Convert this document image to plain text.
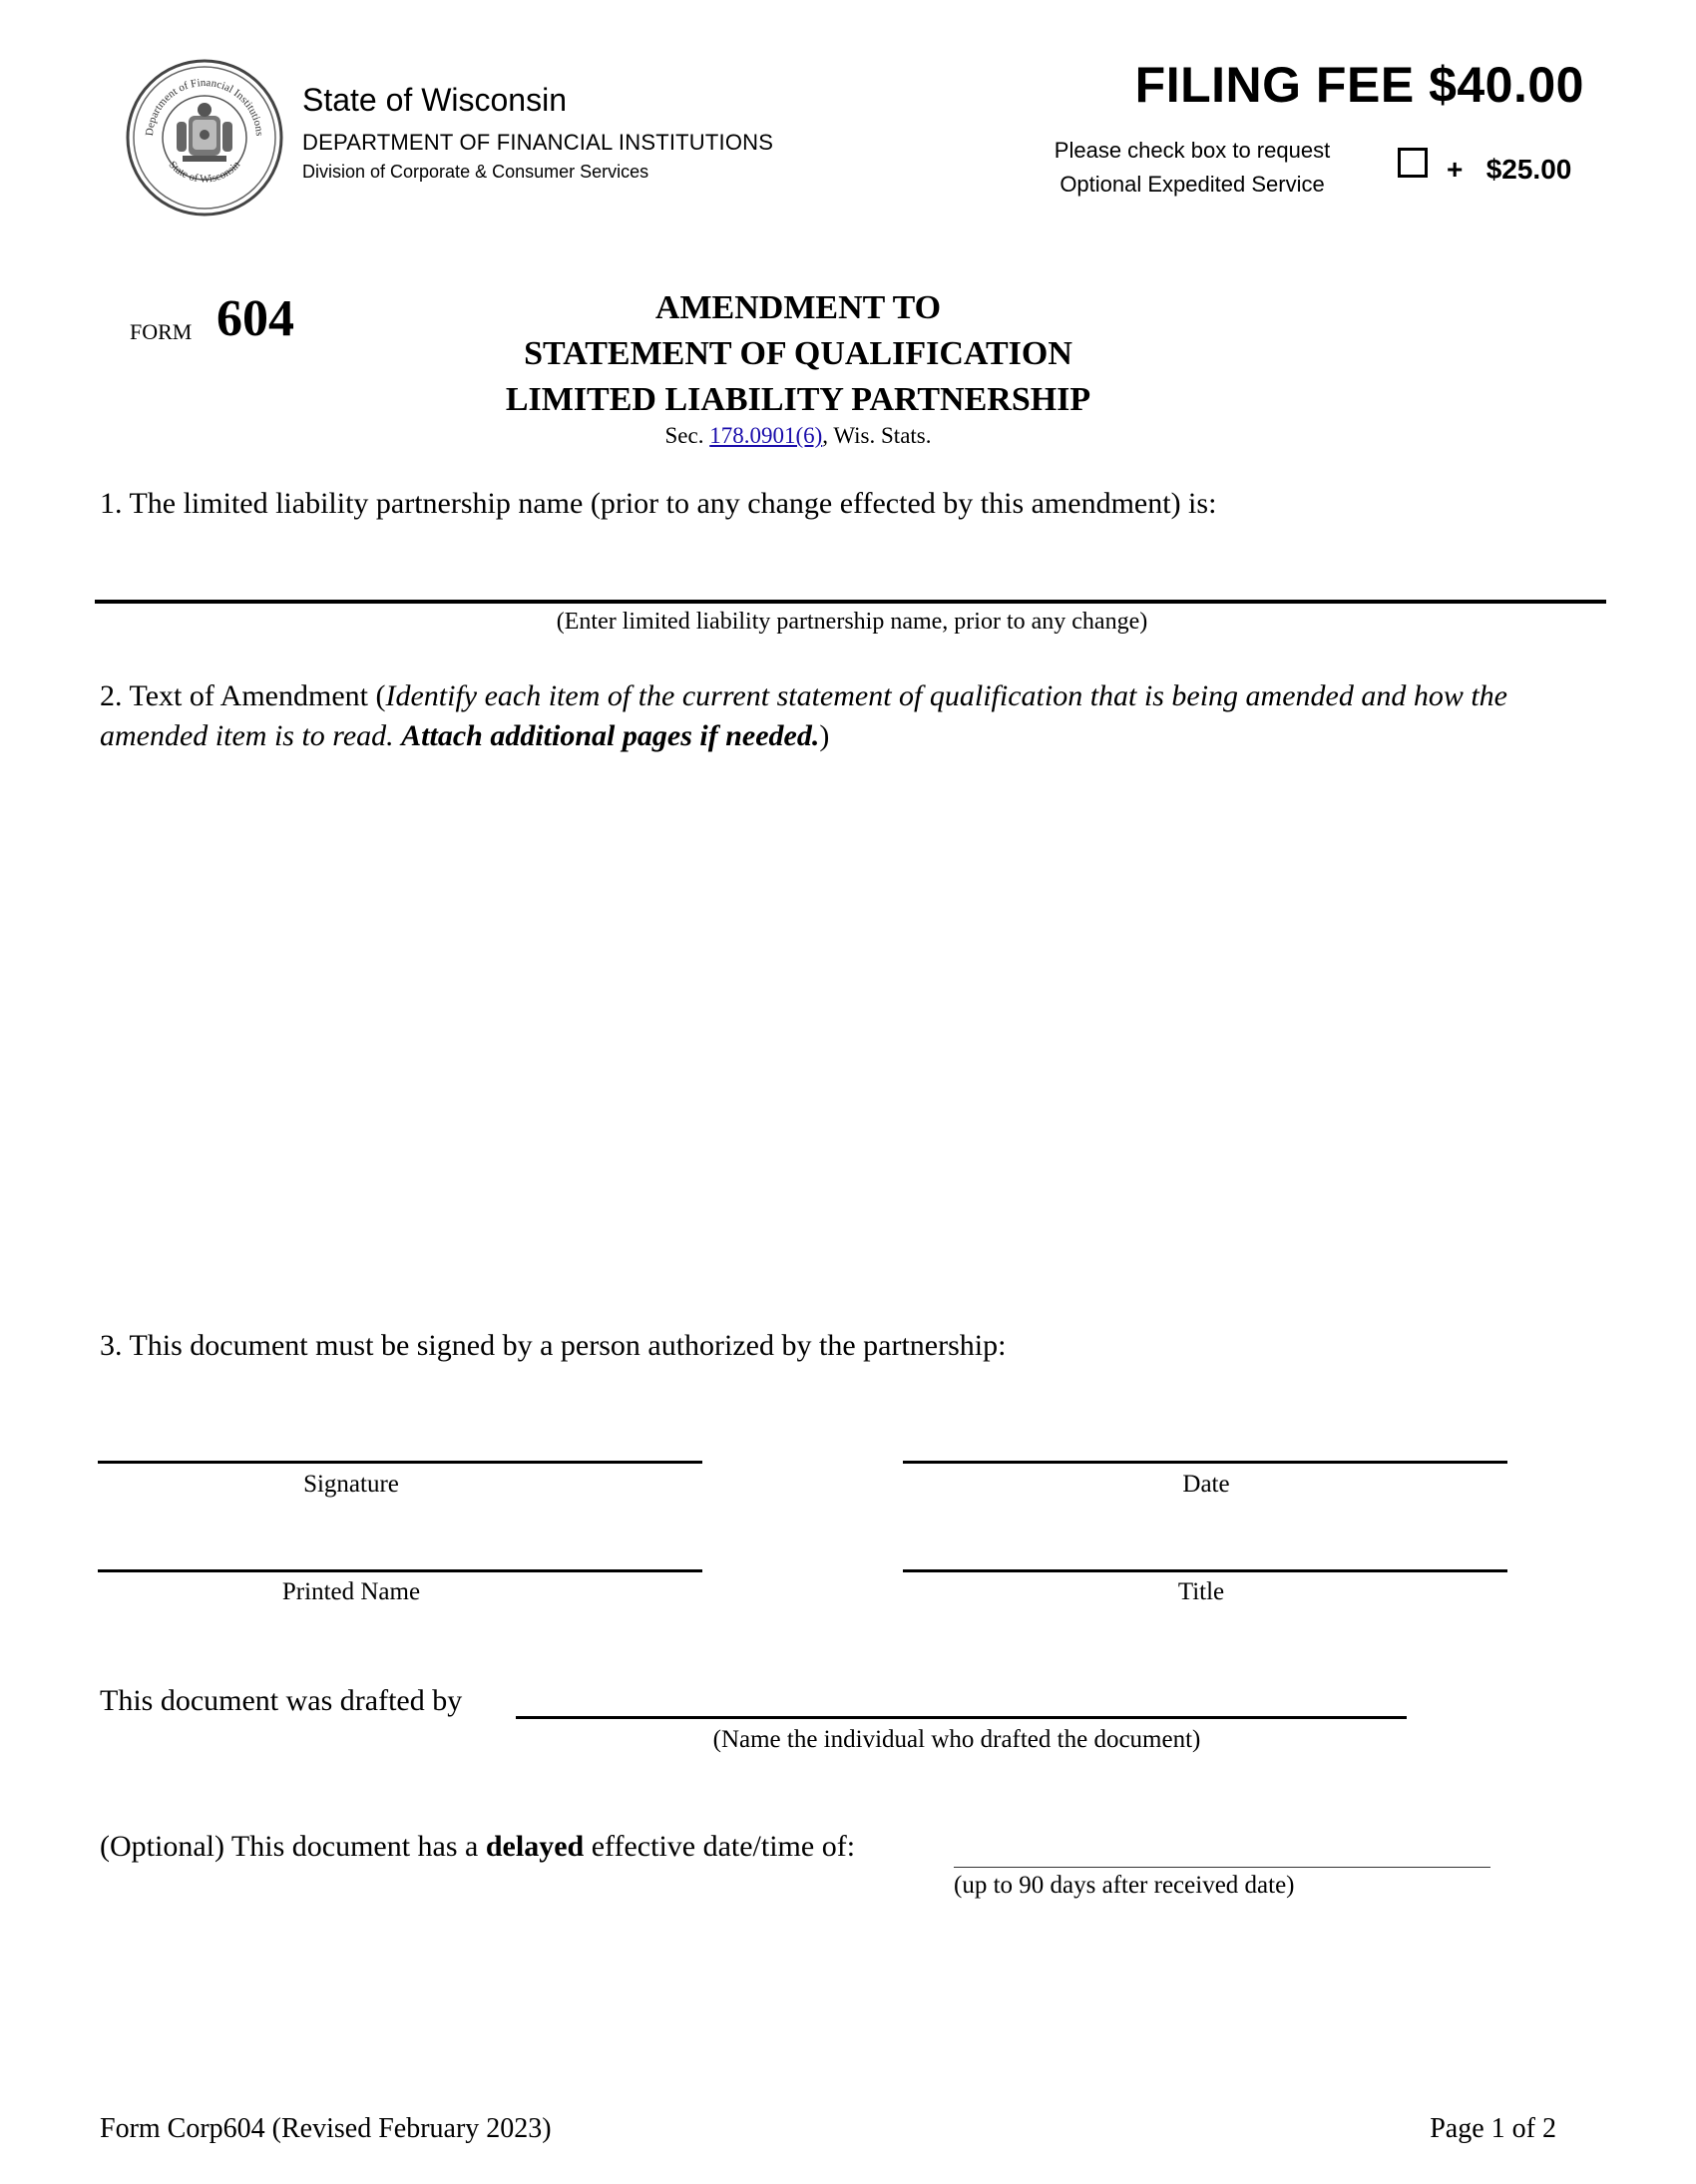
Department of Financial Institutions
State of Wisconsin
State of Wisconsin
DEPARTMENT OF FINANCIAL INSTITUTIONS
Division of Corporate & Consumer Services
FILING FEE $40.00
Please check box to request
Optional Expedited Service	+ $25.00
FORM 604	AMENDMENT TO
STATEMENT OF QUALIFICATION
LIMITED LIABILITY PARTNERSHIP
Sec. 178.0901(6), Wis. Stats.
1. The limited liability partnership name (prior to any change effected by this amendment) is:
(Enter limited liability partnership name, prior to any change)
2. Text of Amendment (Identify each item of the current statement of qualification that is being amended and how the amended item is to read. Attach additional pages if needed.)
3. This document must be signed by a person authorized by the partnership:
Signature	Date
Printed Name	Title
This document was drafted by
(Name the individual who drafted the document)
(Optional) This document has a delayed effective date/time of:
(up to 90 days after received date)
Form Corp604 (Revised February 2023)	Page 1 of 2
